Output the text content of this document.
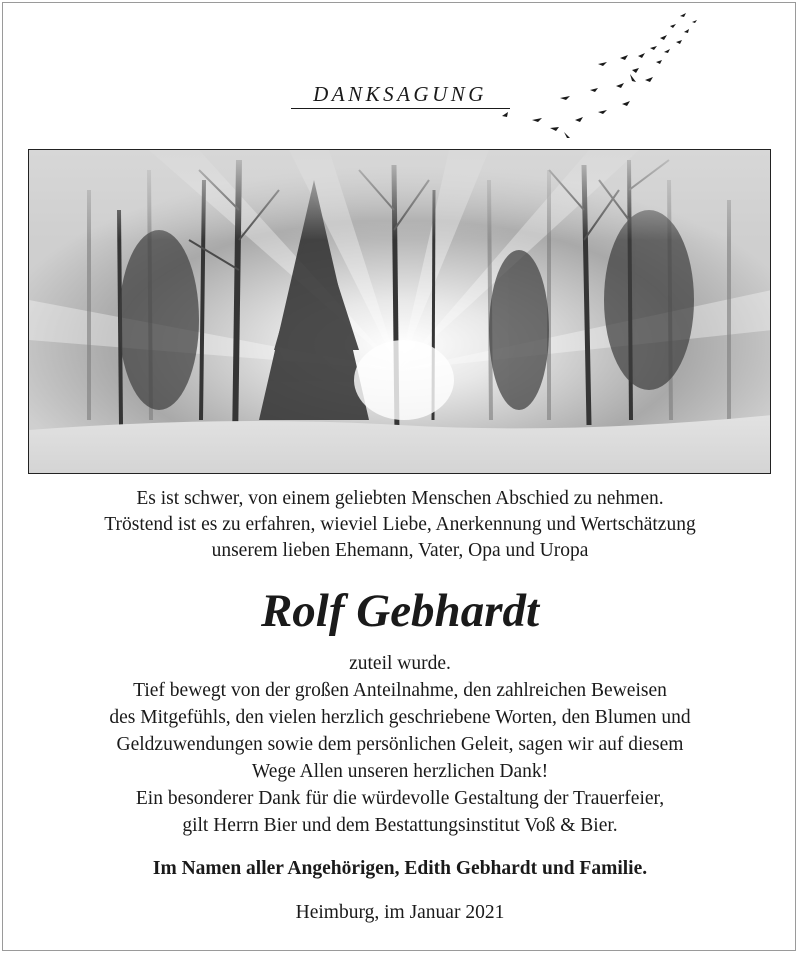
DANKSAGUNG
Es ist schwer, von einem geliebten Menschen Abschied zu nehmen.
Tröstend ist es zu erfahren, wieviel Liebe, Anerkennung und Wertschätzung
unserem lieben Ehemann, Vater, Opa und Uropa
Rolf Gebhardt
zuteil wurde.
Tief bewegt von der großen Anteilnahme, den zahlreichen Beweisen
des Mitgefühls, den vielen herzlich geschriebene Worten, den Blumen und
Geldzuwendungen sowie dem persönlichen Geleit, sagen wir auf diesem
Wege Allen unseren herzlichen Dank!
Ein besonderer Dank für die würdevolle Gestaltung der Trauerfeier,
gilt Herrn Bier und dem Bestattungsinstitut Voß & Bier.
Im Namen aller Angehörigen, Edith Gebhardt und Familie.
Heimburg, im Januar 2021
